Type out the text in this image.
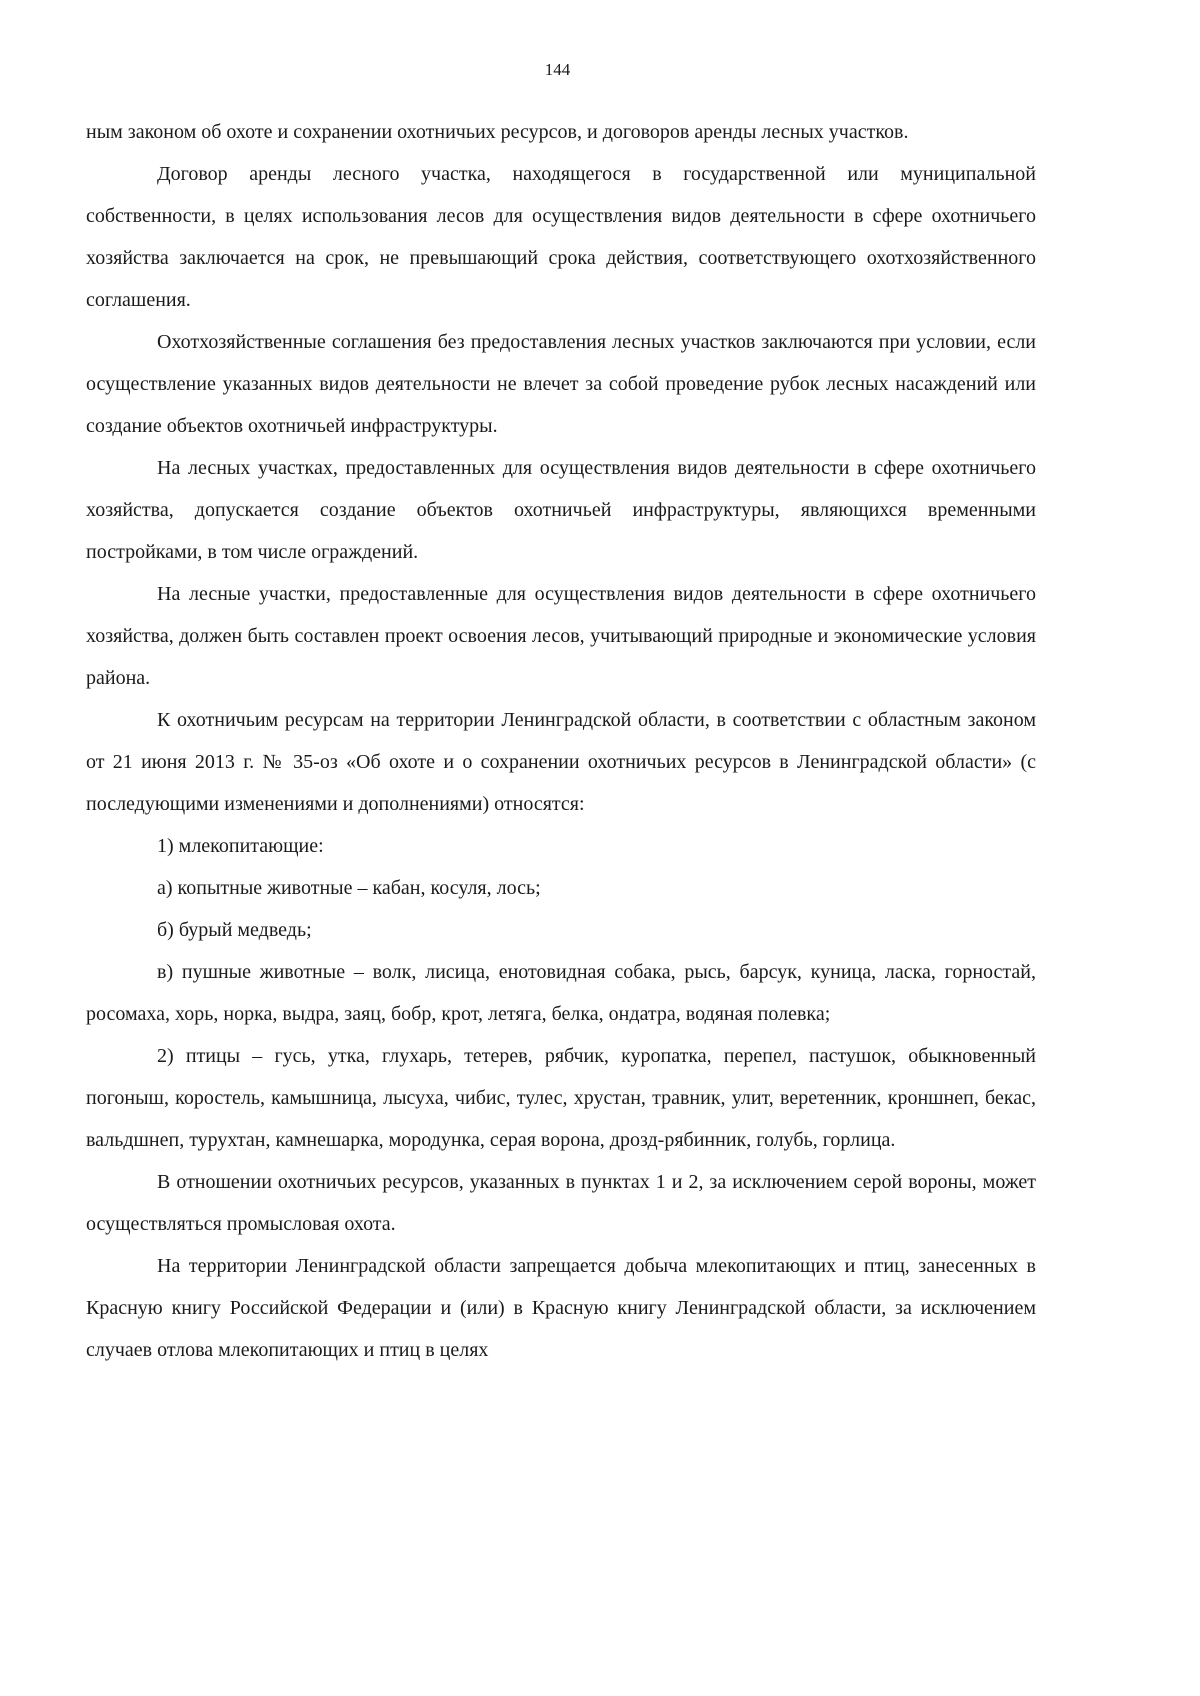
144

ным законом об охоте и сохранении охотничьих ресурсов, и договоров аренды лесных участков.

Договор аренды лесного участка, находящегося в государственной или муниципальной собственности, в целях использования лесов для осуществления видов деятельности в сфере охотничьего хозяйства заключается на срок, не превышающий срока действия, соответствующего охотхозяйственного соглашения.

Охотхозяйственные соглашения без предоставления лесных участков заключаются при условии, если осуществление указанных видов деятельности не влечет за собой проведение рубок лесных насаждений или создание объектов охотничьей инфраструктуры.

На лесных участках, предоставленных для осуществления видов деятельности в сфере охотничьего хозяйства, допускается создание объектов охотничьей инфраструктуры, являющихся временными постройками, в том числе ограждений.

На лесные участки, предоставленные для осуществления видов деятельности в сфере охотничьего хозяйства, должен быть составлен проект освоения лесов, учитывающий природные и экономические условия района.

К охотничьим ресурсам на территории Ленинградской области, в соответствии с областным законом от 21 июня 2013 г. № 35-оз «Об охоте и о сохранении охотничьих ресурсов в Ленинградской области» (с последующими изменениями и дополнениями) относятся:

1) млекопитающие:

а) копытные животные – кабан, косуля, лось;

б) бурый медведь;

в) пушные животные – волк, лисица, енотовидная собака, рысь, барсук, куница, ласка, горностай, росомаха, хорь, норка, выдра, заяц, бобр, крот, летяга, белка, ондатра, водяная полевка;

2) птицы – гусь, утка, глухарь, тетерев, рябчик, куропатка, перепел, пастушок, обыкновенный погоныш, коростель, камышница, лысуха, чибис, тулес, хрустан, травник, улит, веретенник, кроншнеп, бекас, вальдшнеп, турухтан, камнешарка, мородунка, серая ворона, дрозд-рябинник, голубь, горлица.

В отношении охотничьих ресурсов, указанных в пунктах 1 и 2, за исключением серой вороны, может осуществляться промысловая охота.

На территории Ленинградской области запрещается добыча млекопитающих и птиц, занесенных в Красную книгу Российской Федерации и (или) в Красную книгу Ленинградской области, за исключением случаев отлова млекопитающих и птиц в целях
